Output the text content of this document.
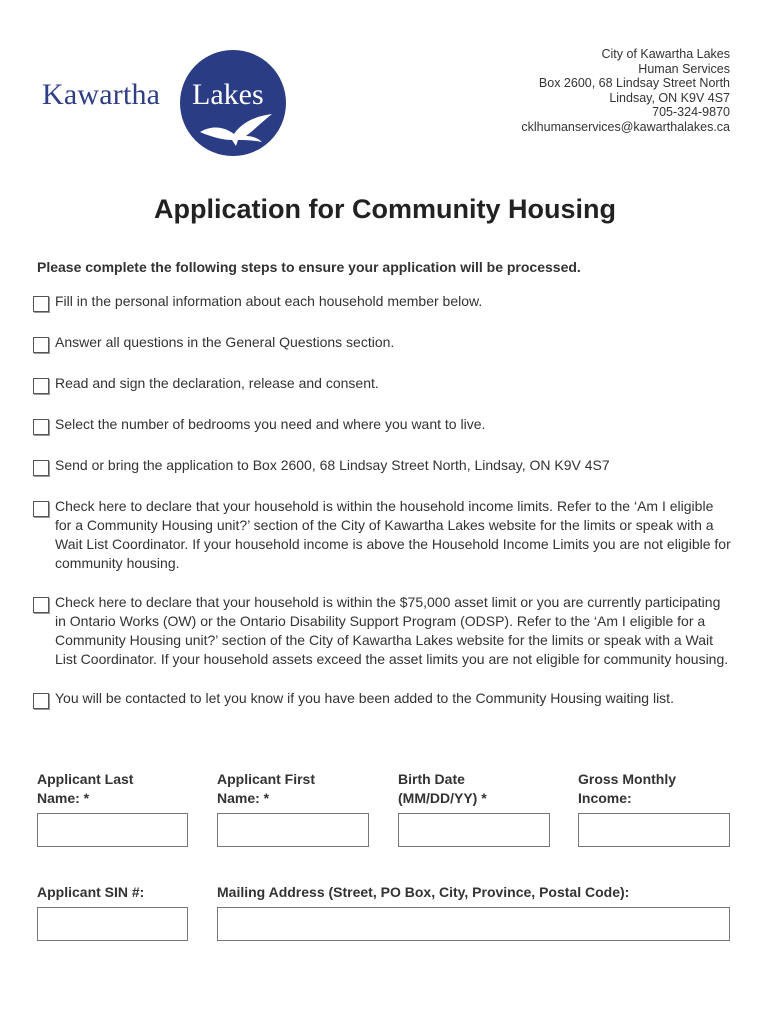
Kawartha Lakes
City of Kawartha Lakes
Human Services
Box 2600, 68 Lindsay Street North
Lindsay, ON K9V 4S7
705-324-9870
cklhumanservices@kawarthalakes.ca
Application for Community Housing
Please complete the following steps to ensure your application will be processed.
Fill in the personal information about each household member below.
Answer all questions in the General Questions section.
Read and sign the declaration, release and consent.
Select the number of bedrooms you need and where you want to live.
Send or bring the application to Box 2600, 68 Lindsay Street North, Lindsay, ON K9V 4S7
Check here to declare that your household is within the household income limits. Refer to the ‘Am I eligible for a Community Housing unit?’ section of the City of Kawartha Lakes website for the limits or speak with a Wait List Coordinator. If your household income is above the Household Income Limits you are not eligible for community housing.
Check here to declare that your household is within the $75,000 asset limit or you are currently participating in Ontario Works (OW) or the Ontario Disability Support Program (ODSP). Refer to the ‘Am I eligible for a Community Housing unit?’ section of the City of Kawartha Lakes website for the limits or speak with a Wait List Coordinator. If your household assets exceed the asset limits you are not eligible for community housing.
You will be contacted to let you know if you have been added to the Community Housing waiting list.
Applicant Last
Name: *
Applicant First
Name: *
Birth Date
(MM/DD/YY) *
Gross Monthly
Income:
Applicant SIN #:	Mailing Address (Street, PO Box, City, Province, Postal Code):
